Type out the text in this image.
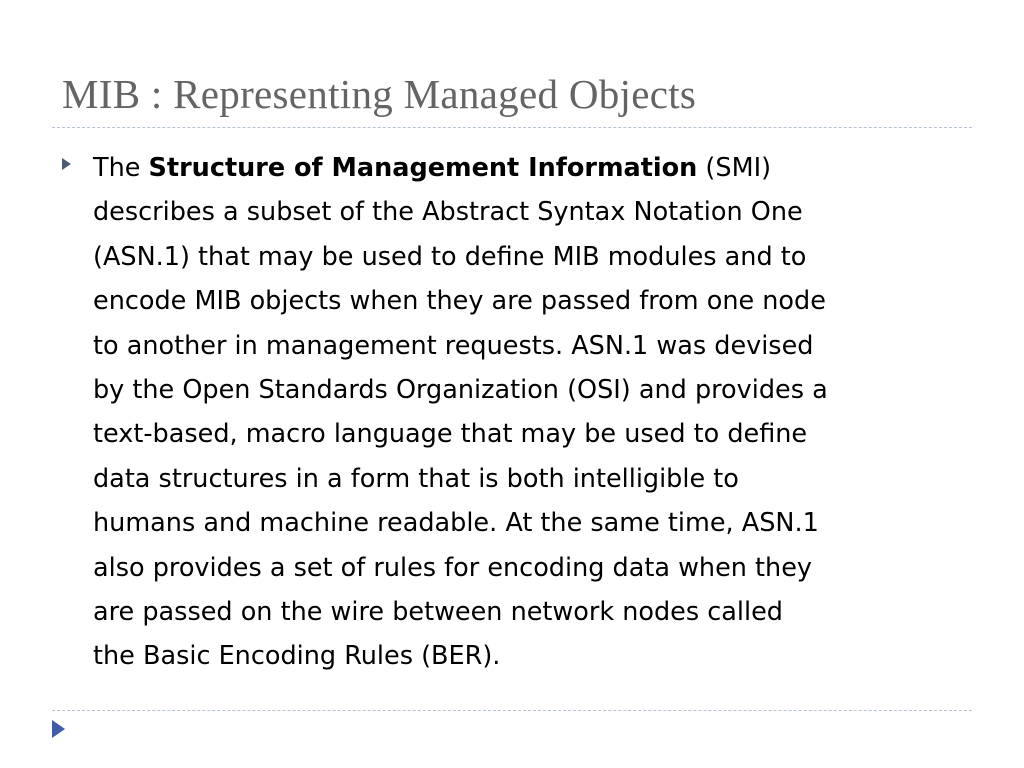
MIB : Representing Managed Objects
The Structure of Management Information (SMI)
describes a subset of the Abstract Syntax Notation One
(ASN.1) that may be used to define MIB modules and to
encode MIB objects when they are passed from one node
to another in management requests. ASN.1 was devised
by the Open Standards Organization (OSI) and provides a
text-based, macro language that may be used to define
data structures in a form that is both intelligible to
humans and machine readable. At the same time, ASN.1
also provides a set of rules for encoding data when they
are passed on the wire between network nodes called
the Basic Encoding Rules (BER).
